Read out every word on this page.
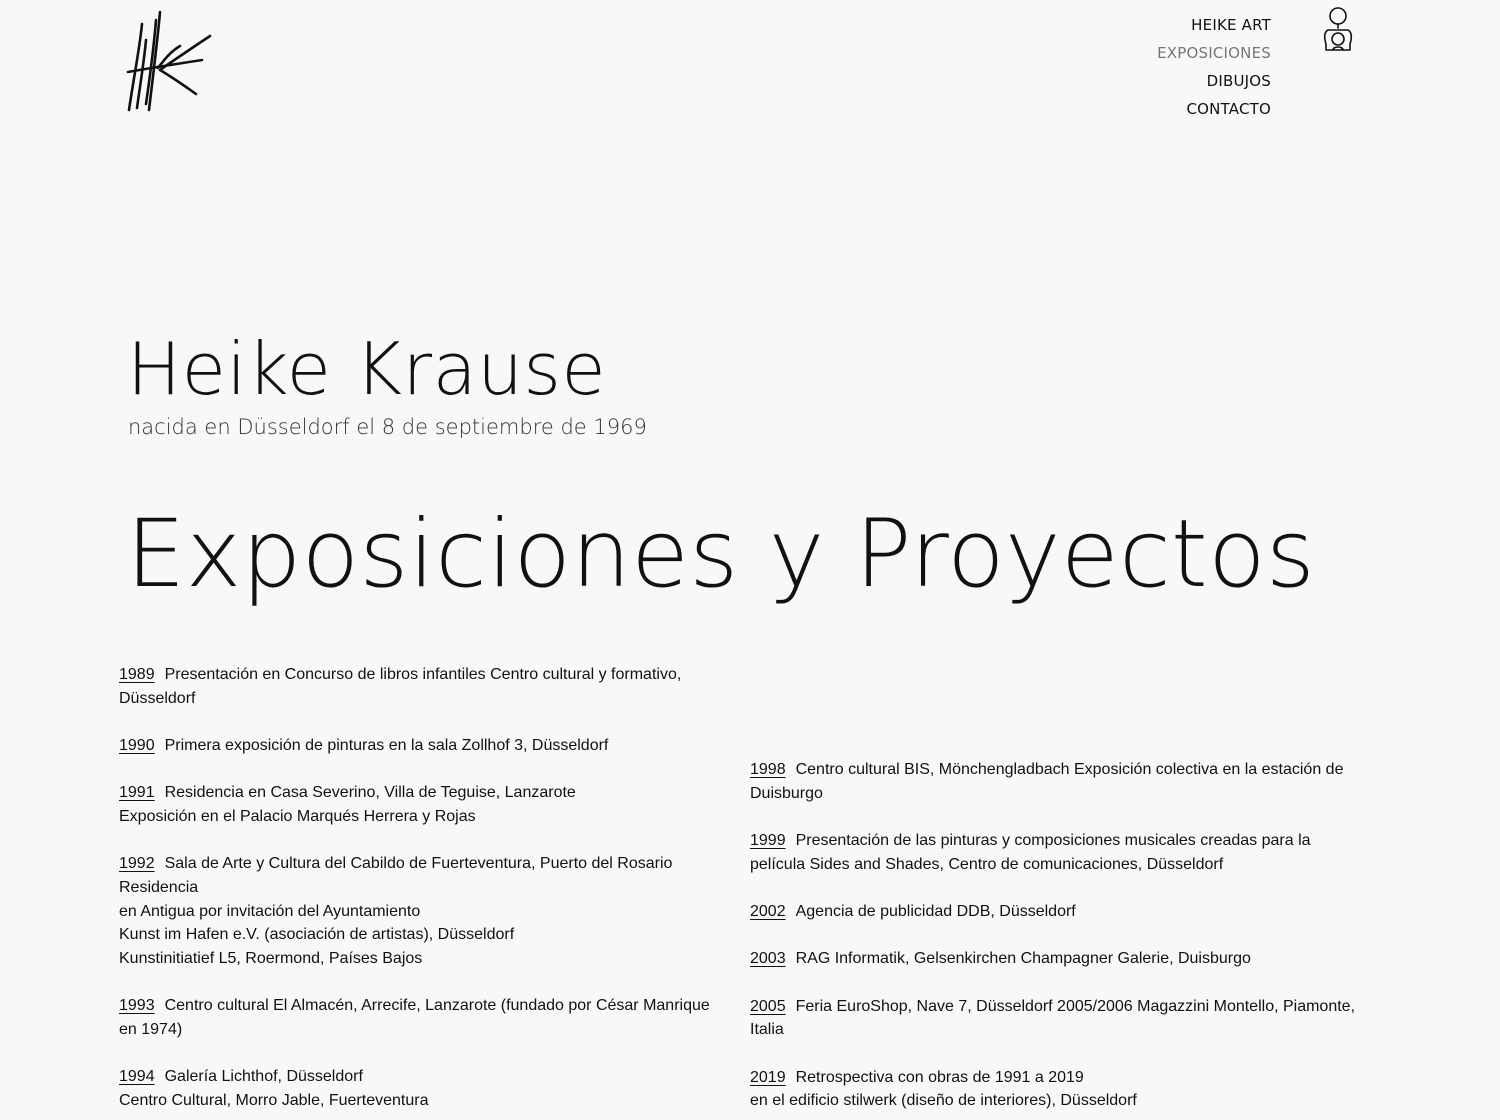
HEIKE ART
EXPOSICIONES
DIBUJOS
CONTACTO
Heike Krause

nacida en Düsseldorf el 8 de septiembre de 1969

Exposiciones y Proyectos

1989 Presentación en Concurso de libros infantiles Centro cultural y formativo,
Düsseldorf

1990 Primera exposición de pinturas en la sala Zollhof 3, Düsseldorf

1991 Residencia en Casa Severino, Villa de Teguise, Lanzarote
Exposición en el Palacio Marqués Herrera y Rojas

1992 Sala de Arte y Cultura del Cabildo de Fuerteventura, Puerto del Rosario
Residencia
en Antigua por invitación del Ayuntamiento
Kunst im Hafen e.V. (asociación de artistas), Düsseldorf
Kunstinitiatief L5, Roermond, Países Bajos

1993 Centro cultural El Almacén, Arrecife, Lanzarote (fundado por César Manrique
en 1974)

1994 Galería Lichthof, Düsseldorf
Centro Cultural, Morro Jable, Fuerteventura

1998 Centro cultural BIS, Mönchengladbach Exposición colectiva en la estación de
Duisburgo

1999 Presentación de las pinturas y composiciones musicales creadas para la
película Sides and Shades, Centro de comunicaciones, Düsseldorf

2002 Agencia de publicidad DDB, Düsseldorf

2003 RAG Informatik, Gelsenkirchen Champagner Galerie, Duisburgo

2005 Feria EuroShop, Nave 7, Düsseldorf 2005/2006 Magazzini Montello, Piamonte,
Italia

2019 Retrospectiva con obras de 1991 a 2019
en el edificio stilwerk (diseño de interiores), Düsseldorf
